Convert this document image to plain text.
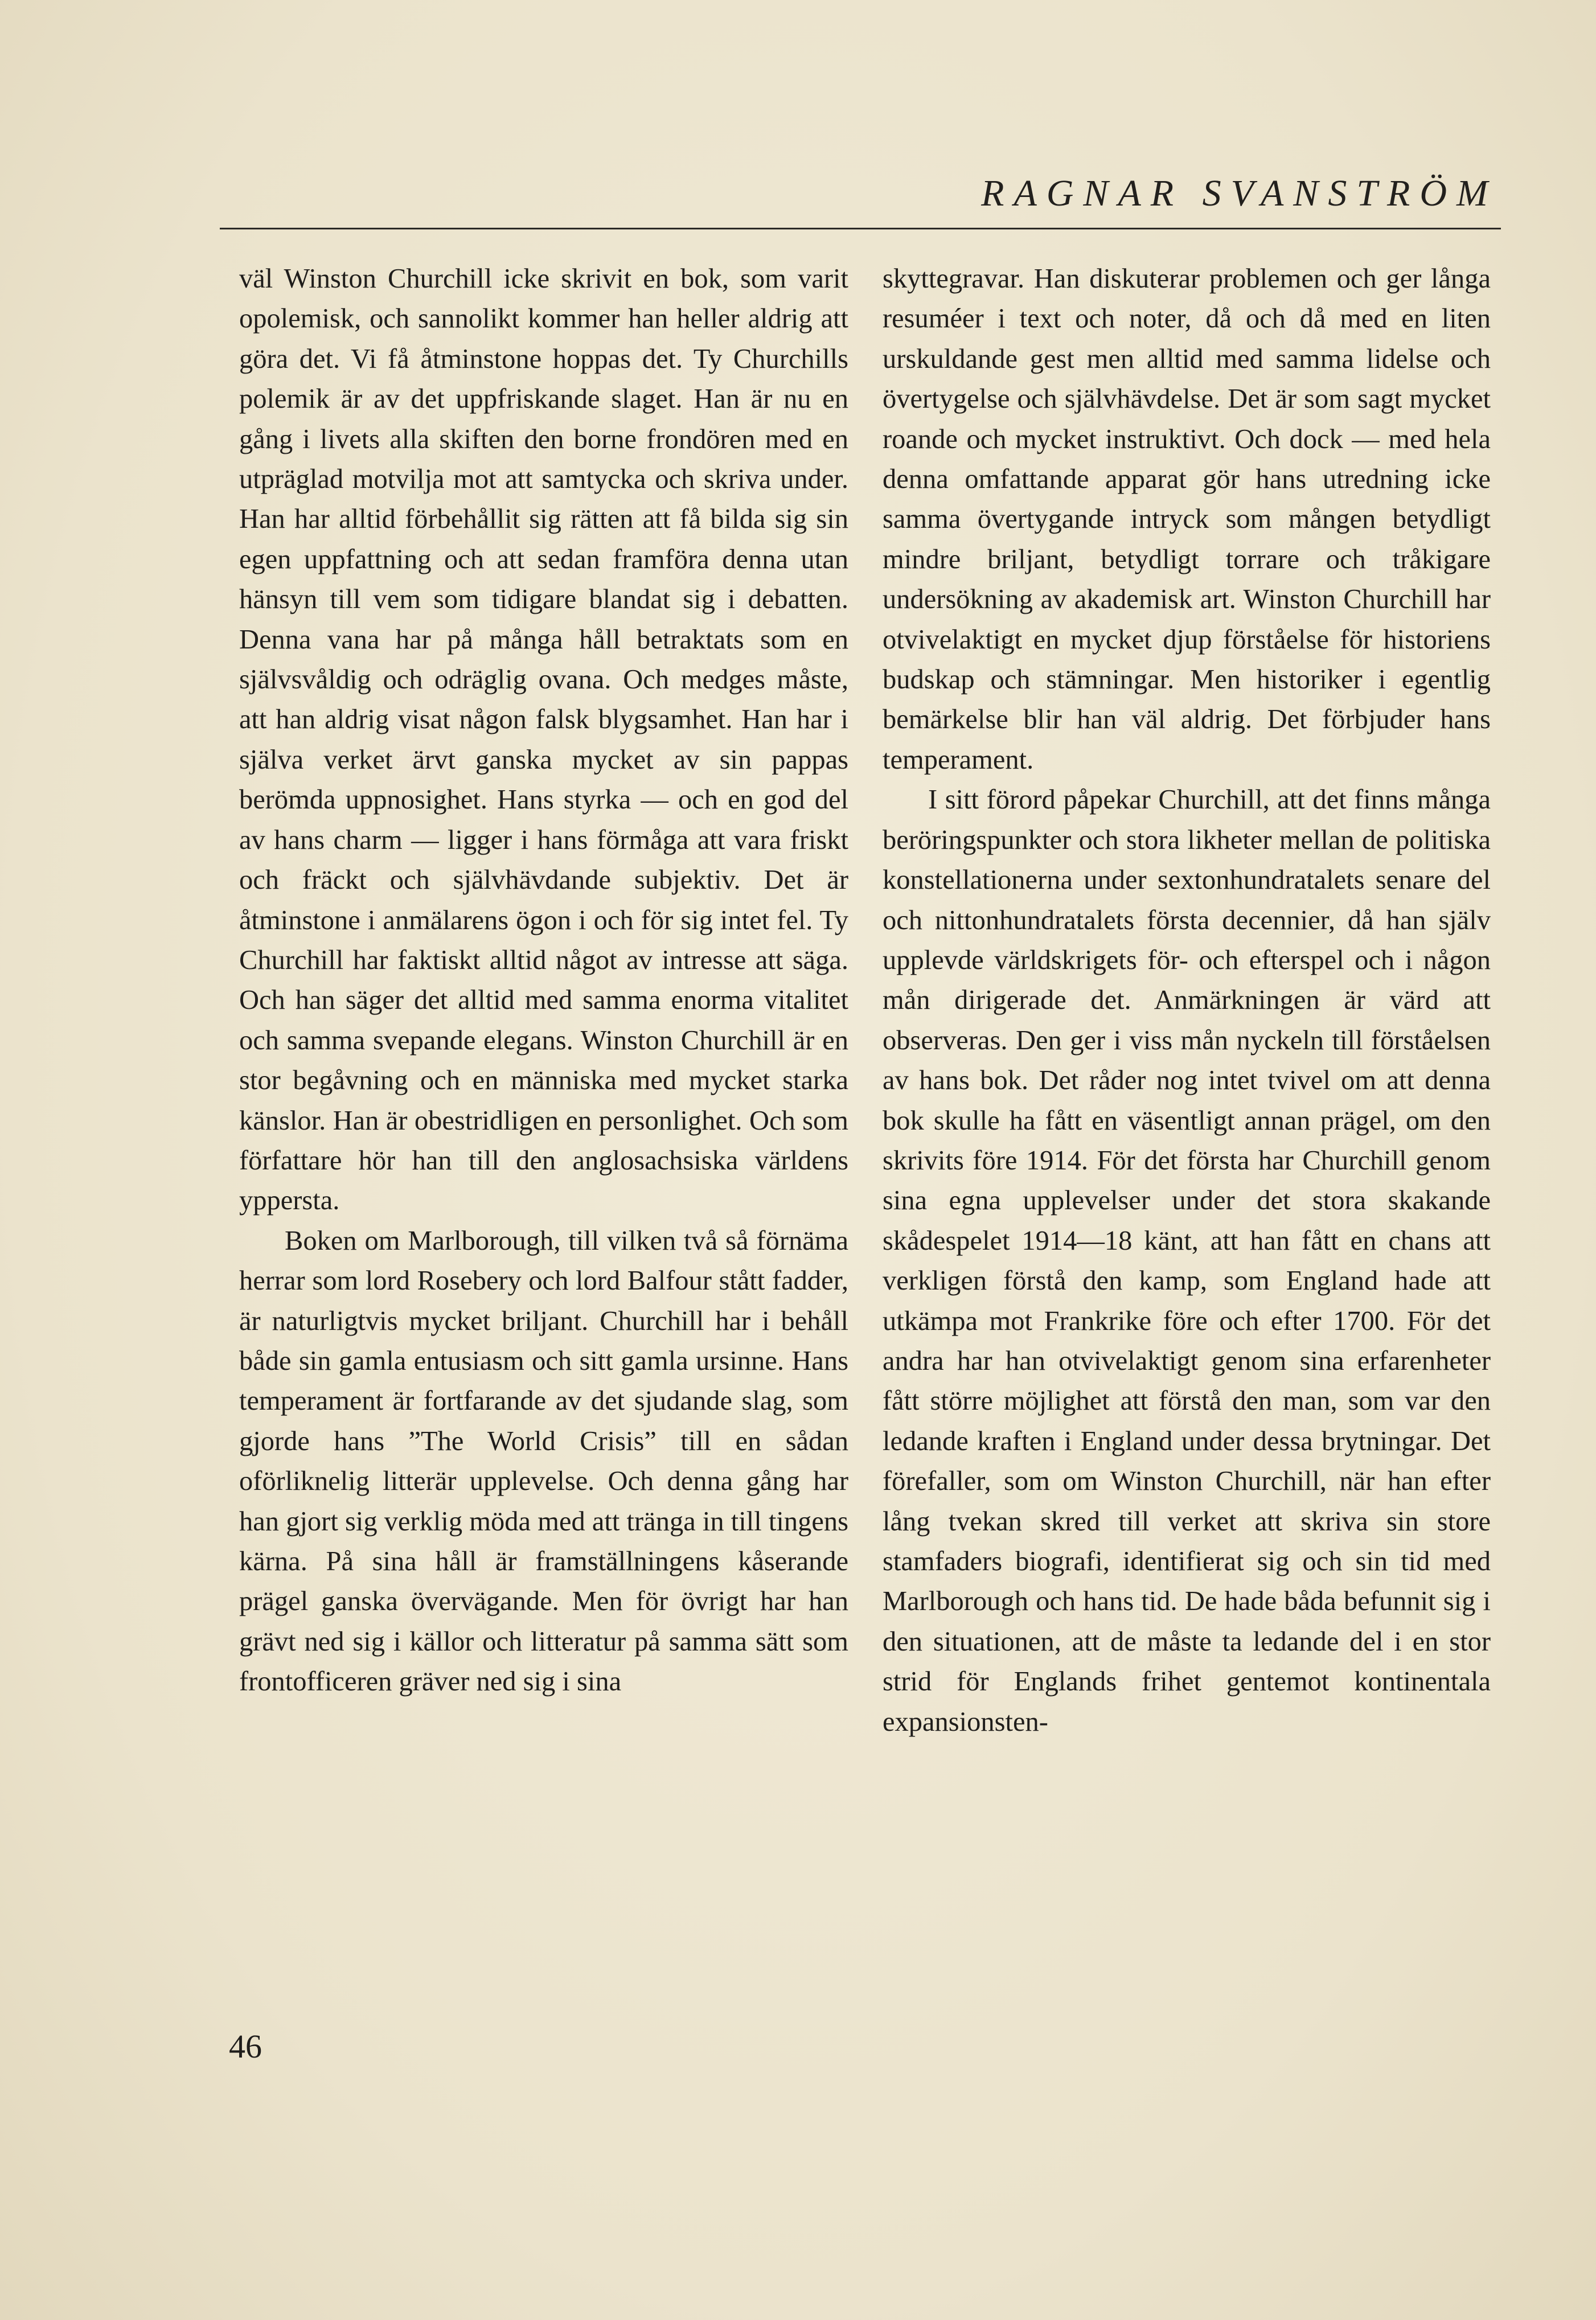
RAGNAR SVANSTRÖM

väl Winston Churchill icke skrivit en bok, som varit opolemisk, och sannolikt kommer han heller aldrig att göra det. Vi få åtminstone hoppas det. Ty Churchills polemik är av det uppfriskande slaget. Han är nu en gång i livets alla skiften den borne frondören med en utpräglad motvilja mot att samtycka och skriva under. Han har alltid förbehållit sig rätten att få bilda sig sin egen uppfattning och att sedan framföra denna utan hänsyn till vem som tidigare blandat sig i debatten. Denna vana har på många håll betraktats som en självsvåldig och odräglig ovana. Och medges måste, att han aldrig visat någon falsk blygsamhet. Han har i själva verket ärvt ganska mycket av sin pappas berömda uppnosighet. Hans styrka — och en god del av hans charm — ligger i hans förmåga att vara friskt och fräckt och självhävdande subjektiv. Det är åtminstone i anmälarens ögon i och för sig intet fel. Ty Churchill har faktiskt alltid något av intresse att säga. Och han säger det alltid med samma enorma vitalitet och samma svepande elegans. Winston Churchill är en stor begåvning och en människa med mycket starka känslor. Han är obestridligen en personlighet. Och som författare hör han till den anglosachsiska världens yppersta.

Boken om Marlborough, till vilken två så förnäma herrar som lord Rosebery och lord Balfour stått fadder, är naturligtvis mycket briljant. Churchill har i behåll både sin gamla entusiasm och sitt gamla ursinne. Hans temperament är fortfarande av det sjudande slag, som gjorde hans ”The World Crisis” till en sådan oförliknelig litterär upplevelse. Och denna gång har han gjort sig verklig möda med att tränga in till tingens kärna. På sina håll är framställningens kåserande prägel ganska övervägande. Men för övrigt har han grävt ned sig i källor och litteratur på samma sätt som frontofficeren gräver ned sig i sina

skyttegravar. Han diskuterar problemen och ger långa resuméer i text och noter, då och då med en liten urskuldande gest men alltid med samma lidelse och övertygelse och självhävdelse. Det är som sagt mycket roande och mycket instruktivt. Och dock — med hela denna omfattande apparat gör hans utredning icke samma övertygande intryck som mången betydligt mindre briljant, betydligt torrare och tråkigare undersökning av akademisk art. Winston Churchill har otvivelaktigt en mycket djup förståelse för historiens budskap och stämningar. Men historiker i egentlig bemärkelse blir han väl aldrig. Det förbjuder hans temperament.

I sitt förord påpekar Churchill, att det finns många beröringspunkter och stora likheter mellan de politiska konstellationerna under sextonhundratalets senare del och nittonhundratalets första decennier, då han själv upplevde världskrigets för- och efterspel och i någon mån dirigerade det. Anmärkningen är värd att observeras. Den ger i viss mån nyckeln till förståelsen av hans bok. Det råder nog intet tvivel om att denna bok skulle ha fått en väsentligt annan prägel, om den skrivits före 1914. För det första har Churchill genom sina egna upplevelser under det stora skakande skådespelet 1914—18 känt, att han fått en chans att verkligen förstå den kamp, som England hade att utkämpa mot Frankrike före och efter 1700. För det andra har han otvivelaktigt genom sina erfarenheter fått större möjlighet att förstå den man, som var den ledande kraften i England under dessa brytningar. Det förefaller, som om Winston Churchill, när han efter lång tvekan skred till verket att skriva sin store stamfaders biografi, identifierat sig och sin tid med Marlborough och hans tid. De hade båda befunnit sig i den situationen, att de måste ta ledande del i en stor strid för Englands frihet gentemot kontinentala expansionsten-

46
